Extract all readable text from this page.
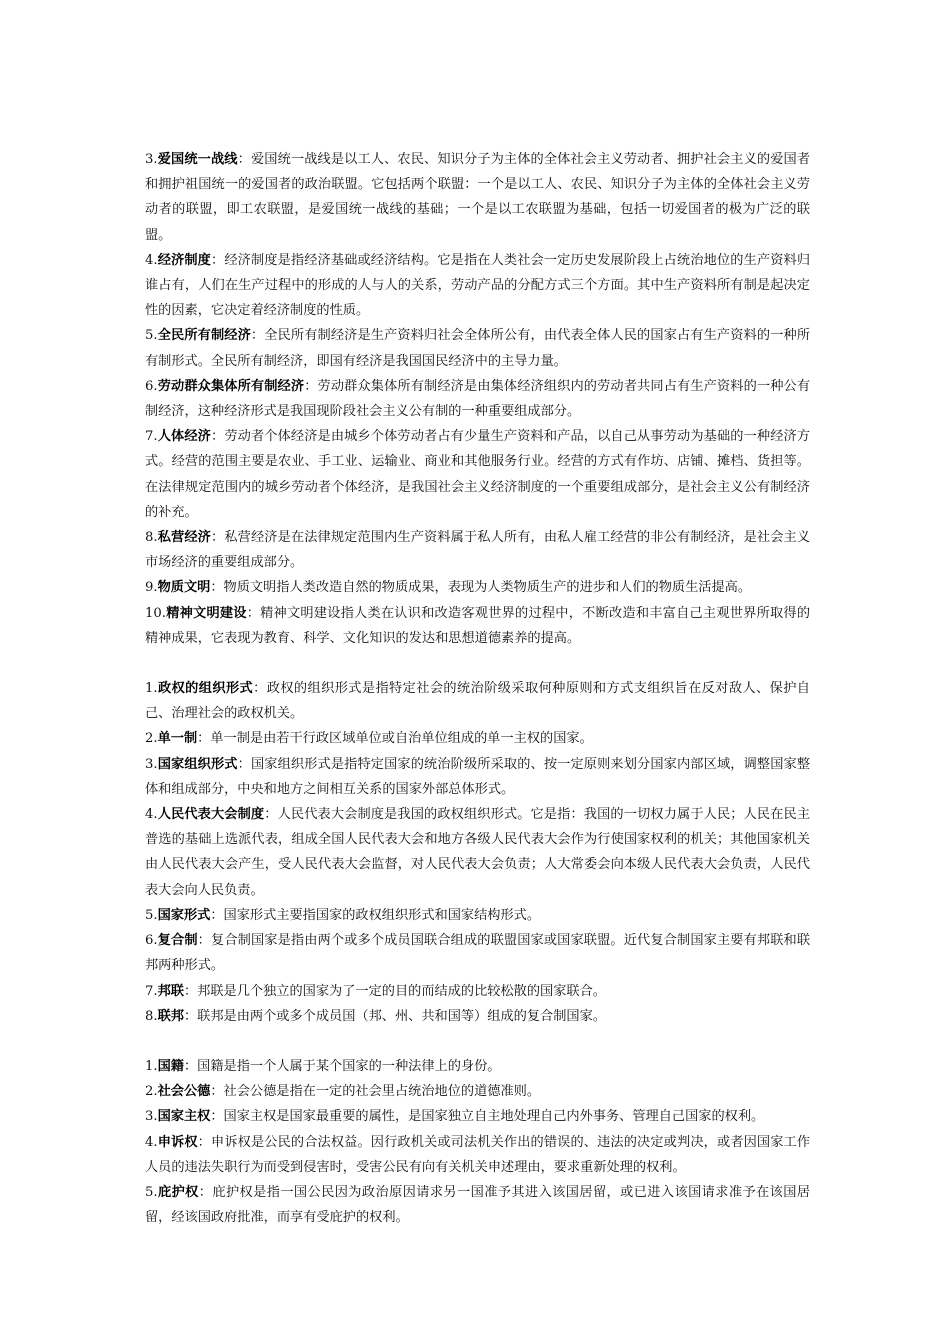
3.爱国统一战线：爱国统一战线是以工人、农民、知识分子为主体的全体社会主义劳动者、拥护社会主义的爱国者和拥护祖国统一的爱国者的政治联盟。它包括两个联盟：一个是以工人、农民、知识分子为主体的全体社会主义劳动者的联盟，即工农联盟，是爱国统一战线的基础；一个是以工农联盟为基础，包括一切爱国者的极为广泛的联盟。

4.经济制度：经济制度是指经济基础或经济结构。它是指在人类社会一定历史发展阶段上占统治地位的生产资料归谁占有，人们在生产过程中的形成的人与人的关系，劳动产品的分配方式三个方面。其中生产资料所有制是起决定性的因素，它决定着经济制度的性质。

5.全民所有制经济：全民所有制经济是生产资料归社会全体所公有，由代表全体人民的国家占有生产资料的一种所有制形式。全民所有制经济，即国有经济是我国国民经济中的主导力量。

6.劳动群众集体所有制经济：劳动群众集体所有制经济是由集体经济组织内的劳动者共同占有生产资料的一种公有制经济，这种经济形式是我国现阶段社会主义公有制的一种重要组成部分。

7.人体经济：劳动者个体经济是由城乡个体劳动者占有少量生产资料和产品，以自己从事劳动为基础的一种经济方式。经营的范围主要是农业、手工业、运输业、商业和其他服务行业。经营的方式有作坊、店铺、摊档、货担等。在法律规定范围内的城乡劳动者个体经济，是我国社会主义经济制度的一个重要组成部分，是社会主义公有制经济的补充。

8.私营经济：私营经济是在法律规定范围内生产资料属于私人所有，由私人雇工经营的非公有制经济，是社会主义市场经济的重要组成部分。

9.物质文明：物质文明指人类改造自然的物质成果，表现为人类物质生产的进步和人们的物质生活提高。

10.精神文明建设：精神文明建设指人类在认识和改造客观世界的过程中，不断改造和丰富自己主观世界所取得的精神成果，它表现为教育、科学、文化知识的发达和思想道德素养的提高。

1.政权的组织形式：政权的组织形式是指特定社会的统治阶级采取何种原则和方式支组织旨在反对敌人、保护自己、治理社会的政权机关。

2.单一制：单一制是由若干行政区域单位或自治单位组成的单一主权的国家。

3.国家组织形式：国家组织形式是指特定国家的统治阶级所采取的、按一定原则来划分国家内部区域，调整国家整体和组成部分，中央和地方之间相互关系的国家外部总体形式。

4.人民代表大会制度：人民代表大会制度是我国的政权组织形式。它是指：我国的一切权力属于人民；人民在民主普选的基础上选派代表，组成全国人民代表大会和地方各级人民代表大会作为行使国家权利的机关；其他国家机关由人民代表大会产生，受人民代表大会监督，对人民代表大会负责；人大常委会向本级人民代表大会负责，人民代表大会向人民负责。

5.国家形式：国家形式主要指国家的政权组织形式和国家结构形式。

6.复合制：复合制国家是指由两个或多个成员国联合组成的联盟国家或国家联盟。近代复合制国家主要有邦联和联邦两种形式。

7.邦联：邦联是几个独立的国家为了一定的目的而结成的比较松散的国家联合。

8.联邦：联邦是由两个或多个成员国（邦、州、共和国等）组成的复合制国家。

1.国籍：国籍是指一个人属于某个国家的一种法律上的身份。

2.社会公德：社会公德是指在一定的社会里占统治地位的道德准则。

3.国家主权：国家主权是国家最重要的属性，是国家独立自主地处理自己内外事务、管理自己国家的权利。

4.申诉权：申诉权是公民的合法权益。因行政机关或司法机关作出的错误的、违法的决定或判决，或者因国家工作人员的违法失职行为而受到侵害时，受害公民有向有关机关申述理由，要求重新处理的权利。

5.庇护权：庇护权是指一国公民因为政治原因请求另一国准予其进入该国居留，或已进入该国请求准予在该国居留，经该国政府批准，而享有受庇护的权利。
